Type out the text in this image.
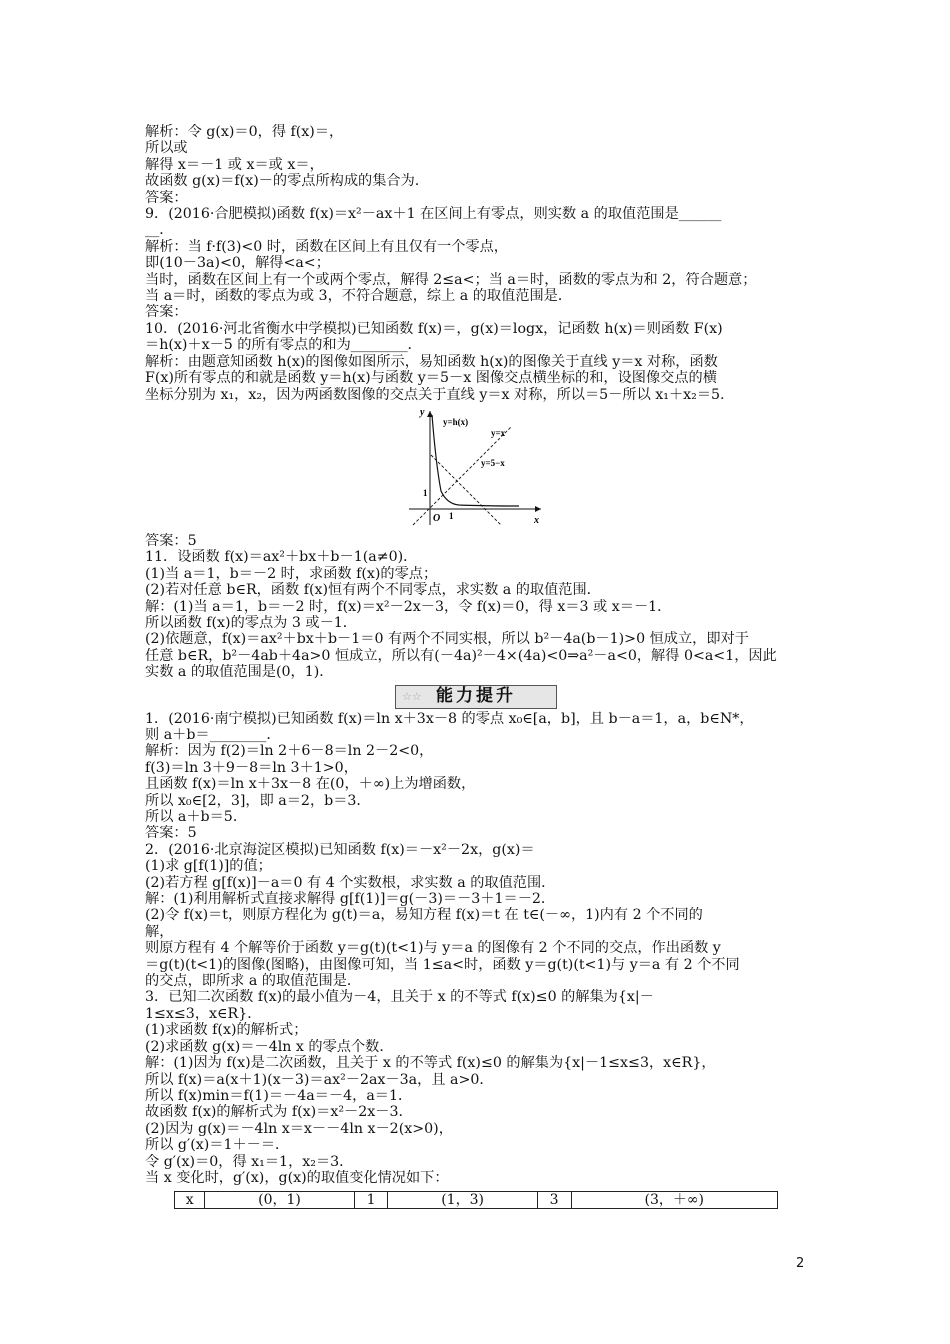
解析：令 g(x)＝0，得 f(x)＝，
所以或
解得 x＝－1 或 x＝或 x＝，
故函数 g(x)＝f(x)－的零点所构成的集合为.
答案：
9．(2016·合肥模拟)函数 f(x)＝x²－ax＋1 在区间上有零点，则实数 a 的取值范围是______
__．
解析：当 f·f(3)<0 时，函数在区间上有且仅有一个零点，
即(10－3a)<0，解得<a<；
当时，函数在区间上有一个或两个零点，解得 2≤a<；当 a＝时，函数的零点为和 2，符合题意；
当 a＝时，函数的零点为或 3，不符合题意，综上 a 的取值范围是．
答案：
10．(2016·河北省衡水中学模拟)已知函数 f(x)＝，g(x)＝logx，记函数 h(x)＝则函数 F(x)
＝h(x)＋x－5 的所有零点的和为________．
解析：由题意知函数 h(x)的图像如图所示，易知函数 h(x)的图像关于直线 y＝x 对称，函数
F(x)所有零点的和就是函数 y＝h(x)与函数 y＝5－x 图像交点横坐标的和，设图像交点的横
坐标分别为 x₁，x₂，因为两函数图像的交点关于直线 y＝x 对称，所以＝5－所以 x₁＋x₂＝5.
y=h(x)
y=x
y=5−x
x
y
O 1
1
答案：5
11．设函数 f(x)＝ax²＋bx＋b－1(a≠0)．
(1)当 a＝1，b＝－2 时，求函数 f(x)的零点；
(2)若对任意 b∈R，函数 f(x)恒有两个不同零点，求实数 a 的取值范围．
解：(1)当 a＝1，b＝－2 时，f(x)＝x²－2x－3，令 f(x)＝0，得 x＝3 或 x＝－1．
所以函数 f(x)的零点为 3 或－1．
(2)依题意，f(x)＝ax²＋bx＋b－1＝0 有两个不同实根，所以 b²－4a(b－1)>0 恒成立，即对于
任意 b∈R，b²－4ab＋4a>0 恒成立，所以有(－4a)²－4×(4a)<0⇒a²－a<0，解得 0<a<1，因此
实数 a 的取值范围是(0，1)．
☆☆ 能力提升
1．(2016·南宁模拟)已知函数 f(x)＝ln x＋3x－8 的零点 x₀∈[a，b]，且 b－a＝1，a，b∈N*，
则 a＋b＝________．
解析：因为 f(2)＝ln 2＋6－8＝ln 2－2<0，
f(3)＝ln 3＋9－8＝ln 3＋1>0，
且函数 f(x)＝ln x＋3x－8 在(0，＋∞)上为增函数，
所以 x₀∈[2，3]，即 a＝2，b＝3．
所以 a＋b＝5．
答案：5
2．(2016·北京海淀区模拟)已知函数 f(x)＝－x²－2x，g(x)＝
(1)求 g[f(1)]的值；
(2)若方程 g[f(x)]－a＝0 有 4 个实数根，求实数 a 的取值范围．
解：(1)利用解析式直接求解得 g[f(1)]＝g(－3)＝－3＋1＝－2．
(2)令 f(x)＝t，则原方程化为 g(t)＝a，易知方程 f(x)＝t 在 t∈(－∞，1)内有 2 个不同的
解，
则原方程有 4 个解等价于函数 y＝g(t)(t<1)与 y＝a 的图像有 2 个不同的交点，作出函数 y
＝g(t)(t<1)的图像(图略)，由图像可知，当 1≤a<时，函数 y＝g(t)(t<1)与 y＝a 有 2 个不同
的交点，即所求 a 的取值范围是．
3．已知二次函数 f(x)的最小值为－4，且关于 x 的不等式 f(x)≤0 的解集为{x|－
1≤x≤3，x∈R}．
(1)求函数 f(x)的解析式；
(2)求函数 g(x)＝－4ln x 的零点个数．
解：(1)因为 f(x)是二次函数，且关于 x 的不等式 f(x)≤0 的解集为{x|－1≤x≤3，x∈R}，
所以 f(x)＝a(x＋1)(x－3)＝ax²－2ax－3a，且 a>0．
所以 f(x)min＝f(1)＝－4a＝－4，a＝1．
故函数 f(x)的解析式为 f(x)＝x²－2x－3．
(2)因为 g(x)＝－4ln x＝x－－4ln x－2(x>0)，
所以 g′(x)＝1＋－＝．
令 g′(x)＝0，得 x₁＝1，x₂＝3．
当 x 变化时，g′(x)，g(x)的取值变化情况如下：
x	(0，1)	1	(1，3)	3	(3，＋∞)
2
